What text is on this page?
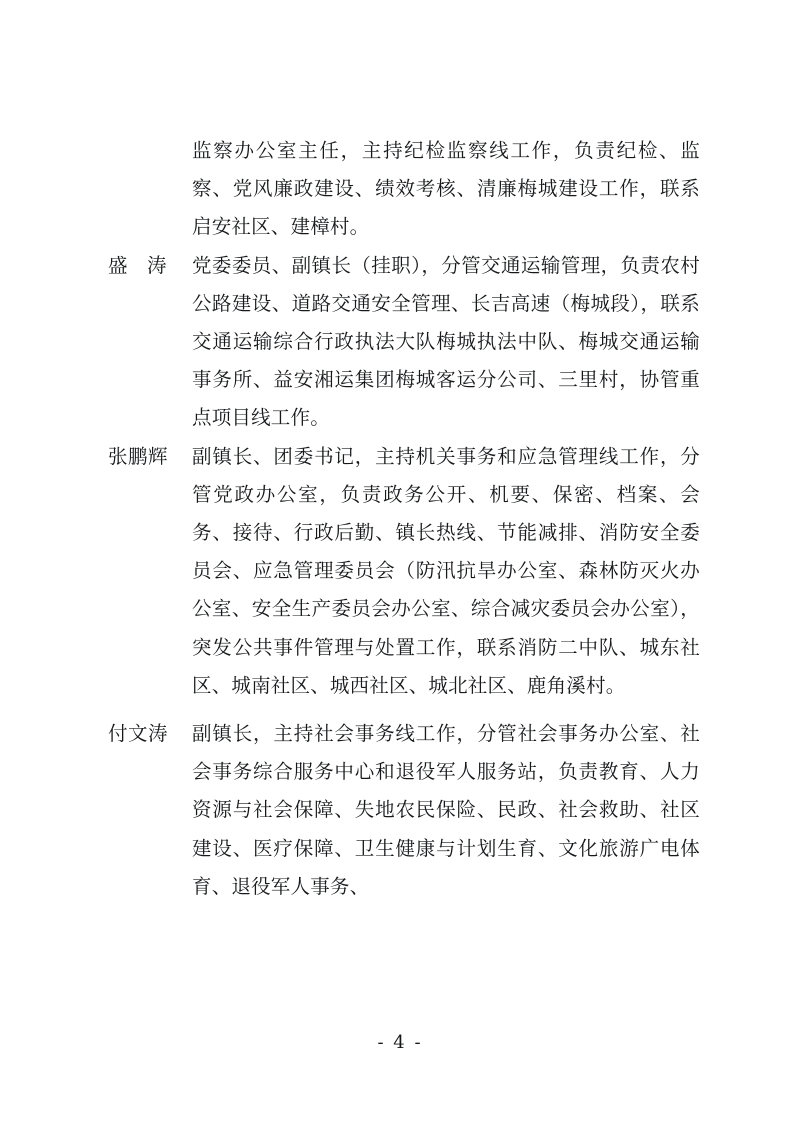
监察办公室主任，主持纪检监察线工作，负责纪检、监察、党风廉政建设、绩效考核、清廉梅城建设工作，联系启安社区、建樟村。
盛　涛	党委委员、副镇长（挂职），分管交通运输管理，负责农村公路建设、道路交通安全管理、长吉高速（梅城段），联系交通运输综合行政执法大队梅城执法中队、梅城交通运输事务所、益安湘运集团梅城客运分公司、三里村，协管重点项目线工作。
张鹏辉	副镇长、团委书记，主持机关事务和应急管理线工作，分管党政办公室，负责政务公开、机要、保密、档案、会务、接待、行政后勤、镇长热线、节能减排、消防安全委员会、应急管理委员会（防汛抗旱办公室、森林防灭火办公室、安全生产委员会办公室、综合减灾委员会办公室），突发公共事件管理与处置工作，联系消防二中队、城东社区、城南社区、城西社区、城北社区、鹿角溪村。
付文涛	副镇长，主持社会事务线工作，分管社会事务办公室、社会事务综合服务中心和退役军人服务站，负责教育、人力资源与社会保障、失地农民保险、民政、社会救助、社区建设、医疗保障、卫生健康与计划生育、文化旅游广电体育、退役军人事务、
- 4 -
